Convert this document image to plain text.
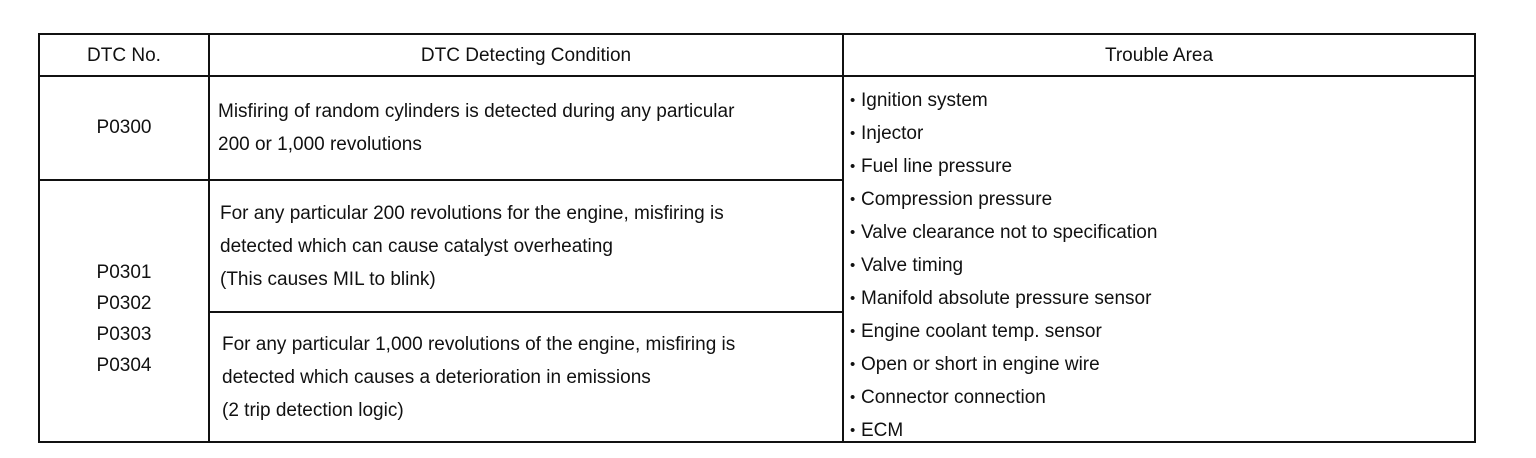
DTC No.	DTC Detecting Condition	Trouble Area
P0300
Misfiring of random cylinders is detected during any particular
200 or 1,000 revolutions
P0301
P0302
P0303
P0304
For any particular 200 revolutions for the engine, misfiring is
detected which can cause catalyst overheating
(This causes MIL to blink)
For any particular 1,000 revolutions of the engine, misfiring is
detected which causes a deterioration in emissions
(2 trip detection logic)
• Ignition system
• Injector
• Fuel line pressure
• Compression pressure
• Valve clearance not to specification
• Valve timing
• Manifold absolute pressure sensor
• Engine coolant temp. sensor
• Open or short in engine wire
• Connector connection
• ECM
